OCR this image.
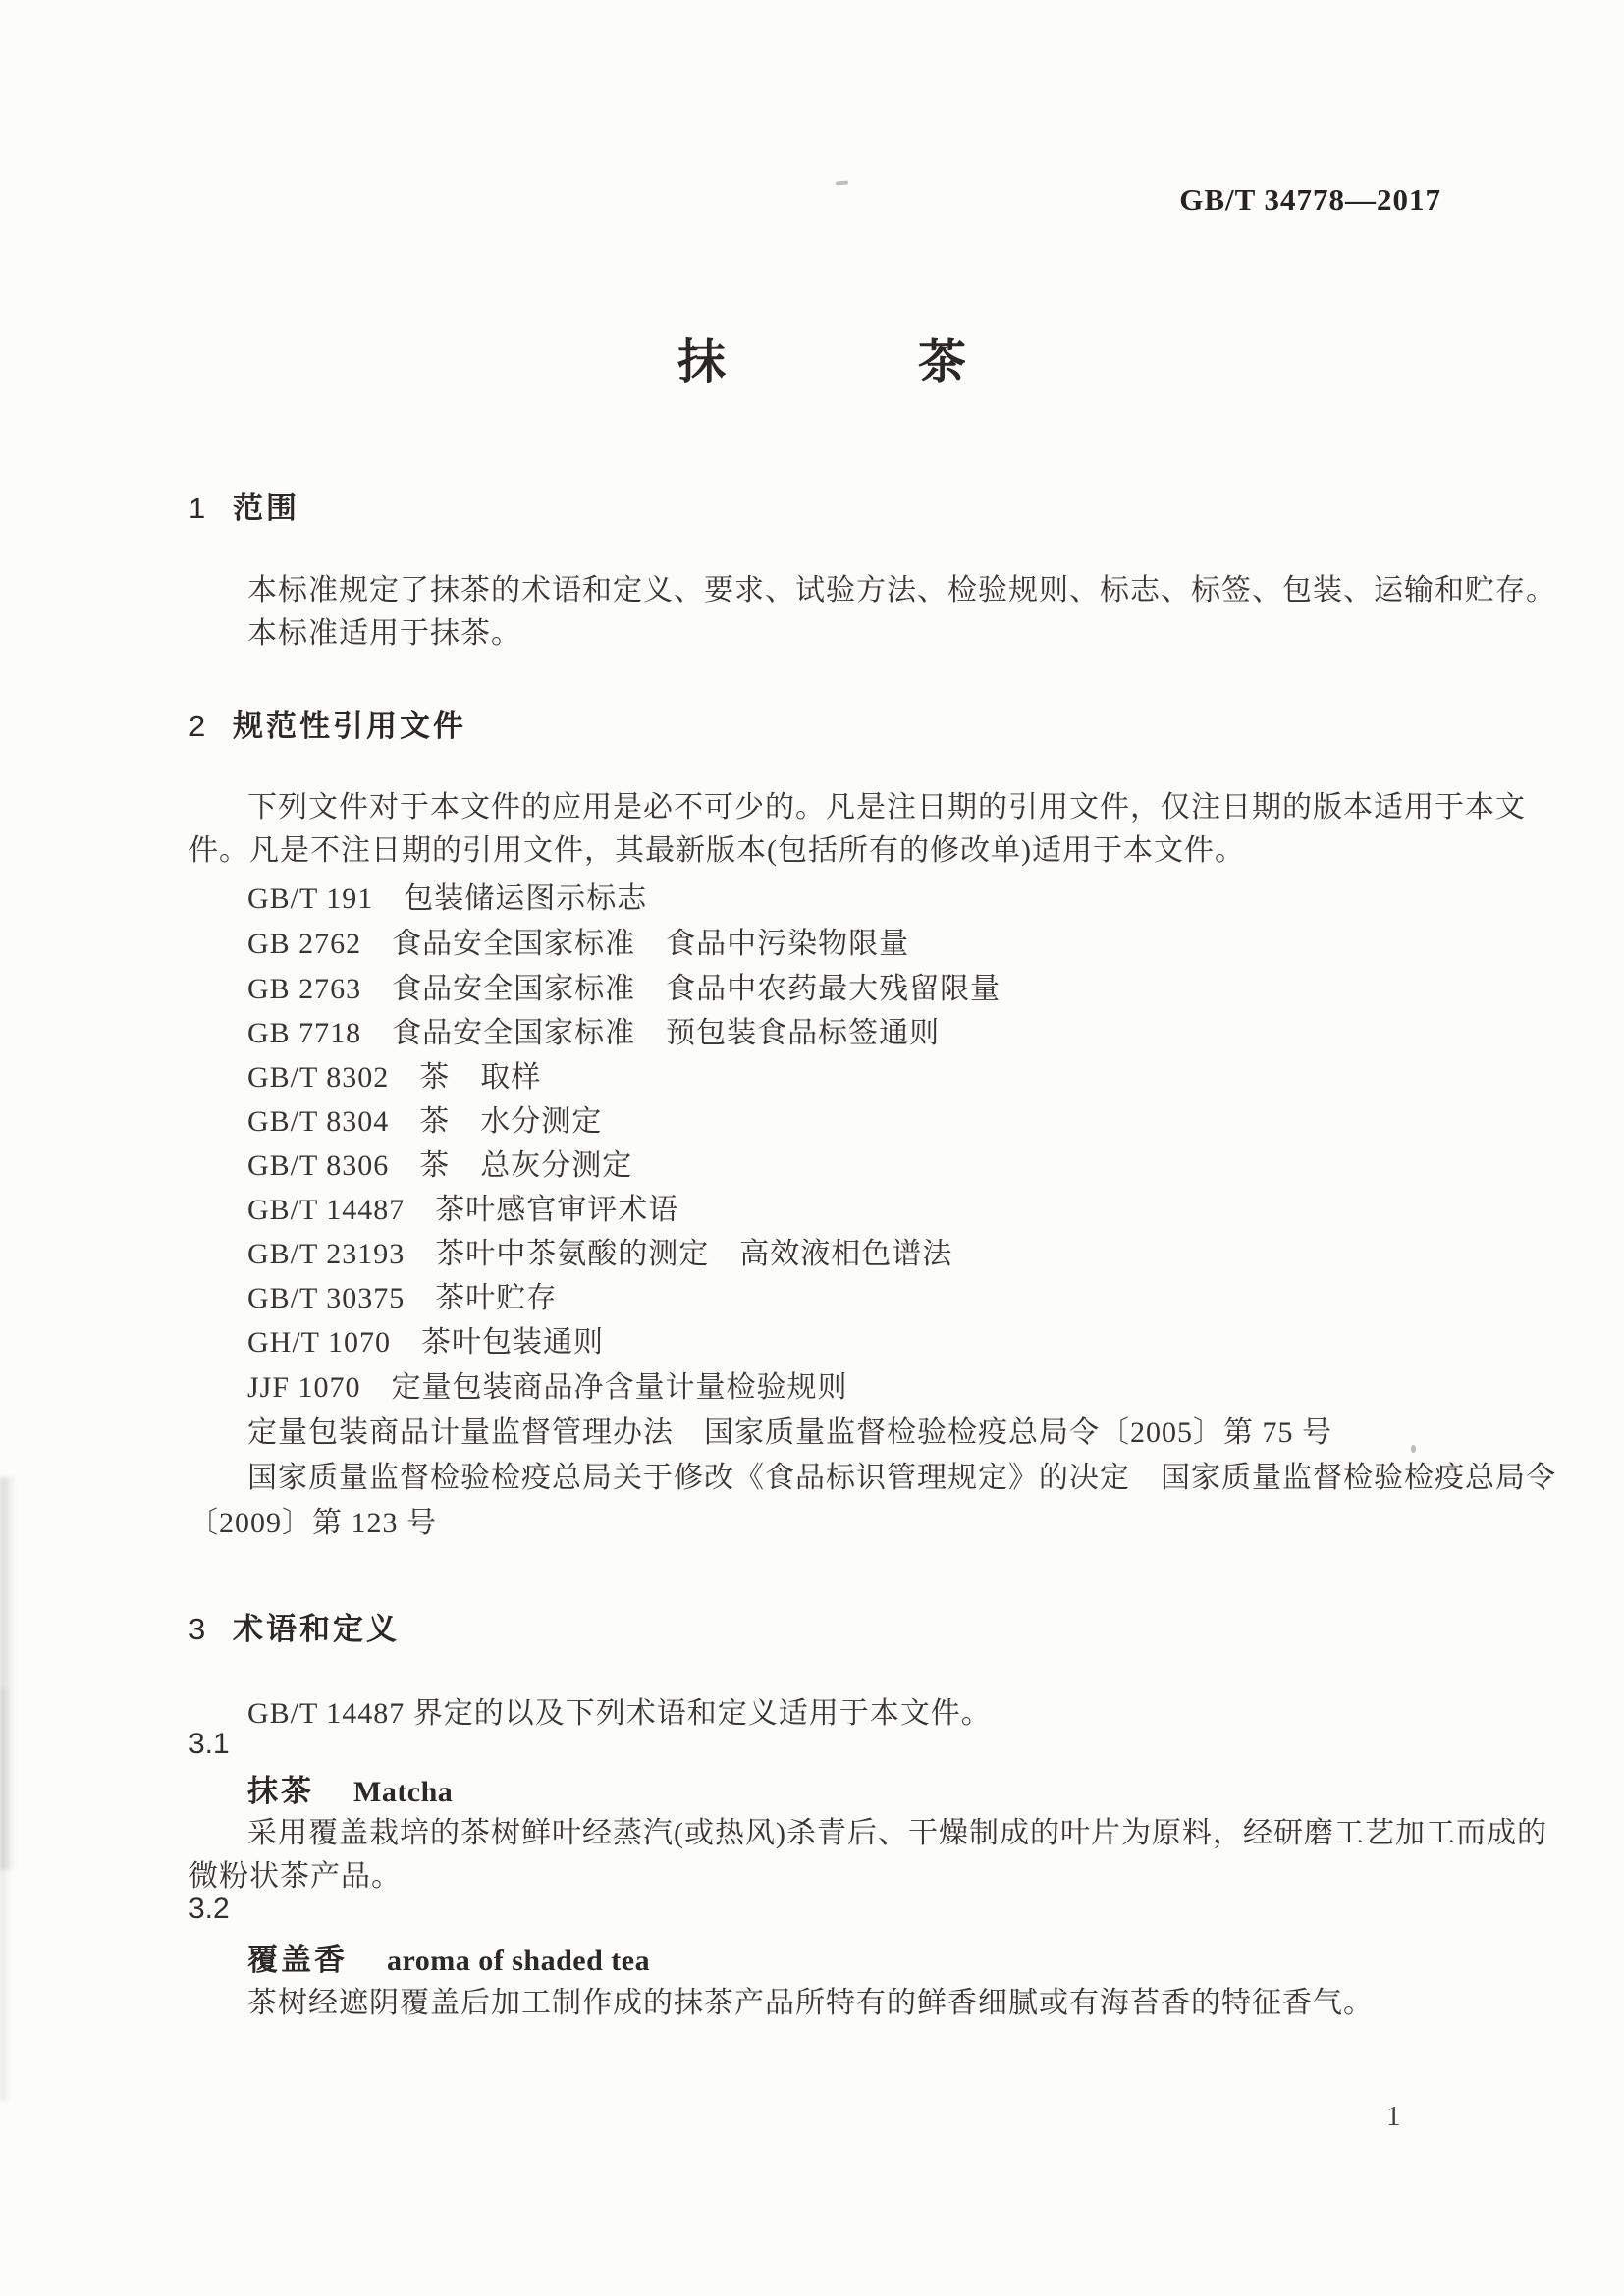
GB/T 34778—2017
抹　　　　茶
1 范围
本标准规定了抹茶的术语和定义、要求、试验方法、检验规则、标志、标签、包装、运输和贮存。
本标准适用于抹茶。
2 规范性引用文件
下列文件对于本文件的应用是必不可少的。凡是注日期的引用文件，仅注日期的版本适用于本文
件。凡是不注日期的引用文件，其最新版本(包括所有的修改单)适用于本文件。
GB/T 191　包装储运图示标志
GB 2762　食品安全国家标准　食品中污染物限量
GB 2763　食品安全国家标准　食品中农药最大残留限量
GB 7718　食品安全国家标准　预包装食品标签通则
GB/T 8302　茶　取样
GB/T 8304　茶　水分测定
GB/T 8306　茶　总灰分测定
GB/T 14487　茶叶感官审评术语
GB/T 23193　茶叶中茶氨酸的测定　高效液相色谱法
GB/T 30375　茶叶贮存
GH/T 1070　茶叶包装通则
JJF 1070　定量包装商品净含量计量检验规则
定量包装商品计量监督管理办法　国家质量监督检验检疫总局令〔2005〕第 75 号
国家质量监督检验检疫总局关于修改《食品标识管理规定》的决定　国家质量监督检验检疫总局令
〔2009〕第 123 号
3 术语和定义
GB/T 14487 界定的以及下列术语和定义适用于本文件。
3.1
抹茶 Matcha
采用覆盖栽培的茶树鲜叶经蒸汽(或热风)杀青后、干燥制成的叶片为原料，经研磨工艺加工而成的
微粉状茶产品。
3.2
覆盖香 aroma of shaded tea
茶树经遮阴覆盖后加工制作成的抹茶产品所特有的鲜香细腻或有海苔香的特征香气。
1
